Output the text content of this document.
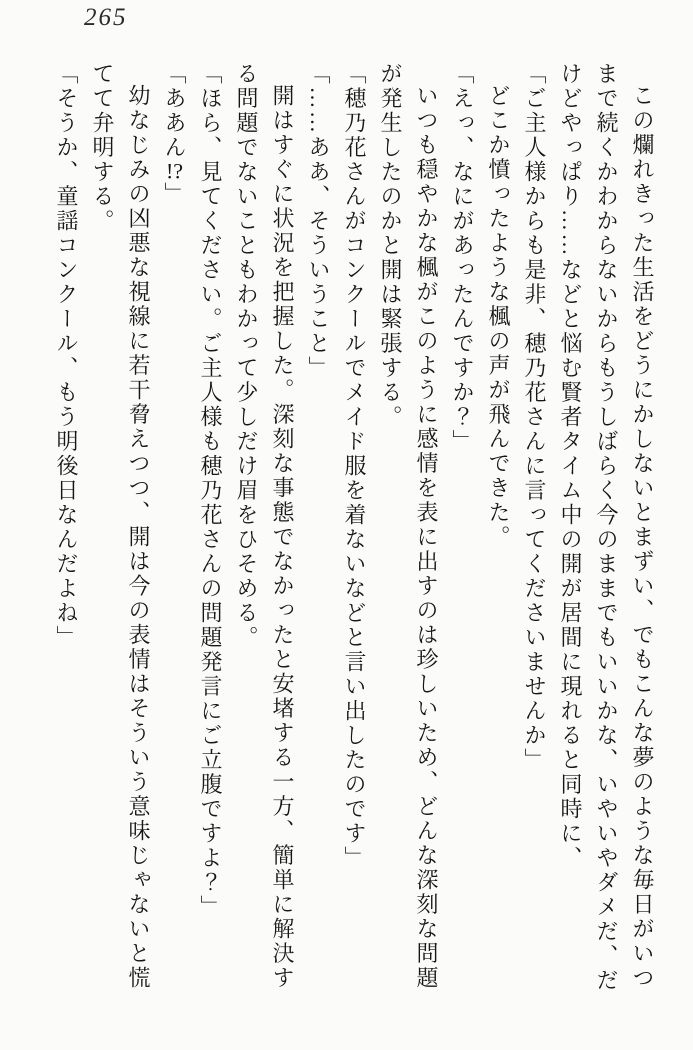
265

この爛れきった生活をどうにかしないとまずい、でもこんな夢のような毎日がいつまで続くかわからないからもうしばらく今のままでもいいかな、いやいやダメだ、だけどやっぱり……などと悩む賢者タイム中の開が居間に現れると同時に、

「ご主人様からも是非、穂乃花さんに言ってくださいませんか」

どこか憤ったような楓の声が飛んできた。

「えっ、なにがあったんですか？」

いつも穏やかな楓がこのように感情を表に出すのは珍しいため、どんな深刻な問題が発生したのかと開は緊張する。

「穂乃花さんがコンクールでメイド服を着ないなどと言い出したのです」

「……ああ、そういうこと」

開はすぐに状況を把握した。深刻な事態でなかったと安堵する一方、簡単に解決する問題でないこともわかって少しだけ眉をひそめる。

「ほら、見てください。ご主人様も穂乃花さんの問題発言にご立腹ですよ？」

「ああん!?」

幼なじみの凶悪な視線に若干脅えつつ、開は今の表情はそういう意味じゃないと慌てて弁明する。

「そうか、童謡コンクール、もう明後日なんだよね」
